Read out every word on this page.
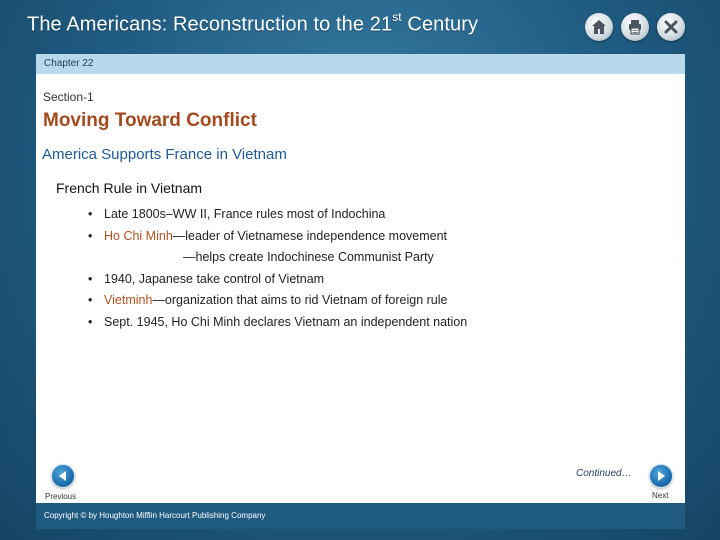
The Americans: Reconstruction to the 21st Century
Chapter 22
Section-1
Moving Toward Conflict
America Supports France in Vietnam
French Rule in Vietnam
• Late 1800s–WW II, France rules most of Indochina
• Ho Chi Minh—leader of Vietnamese independence movement
—helps create Indochinese Communist Party
• 1940, Japanese take control of Vietnam
• Vietminh—organization that aims to rid Vietnam of foreign rule
• Sept. 1945, Ho Chi Minh declares Vietnam an independent nation
Continued…
Previous	Next
Copyright © by Houghton Mifflin Harcourt Publishing Company
